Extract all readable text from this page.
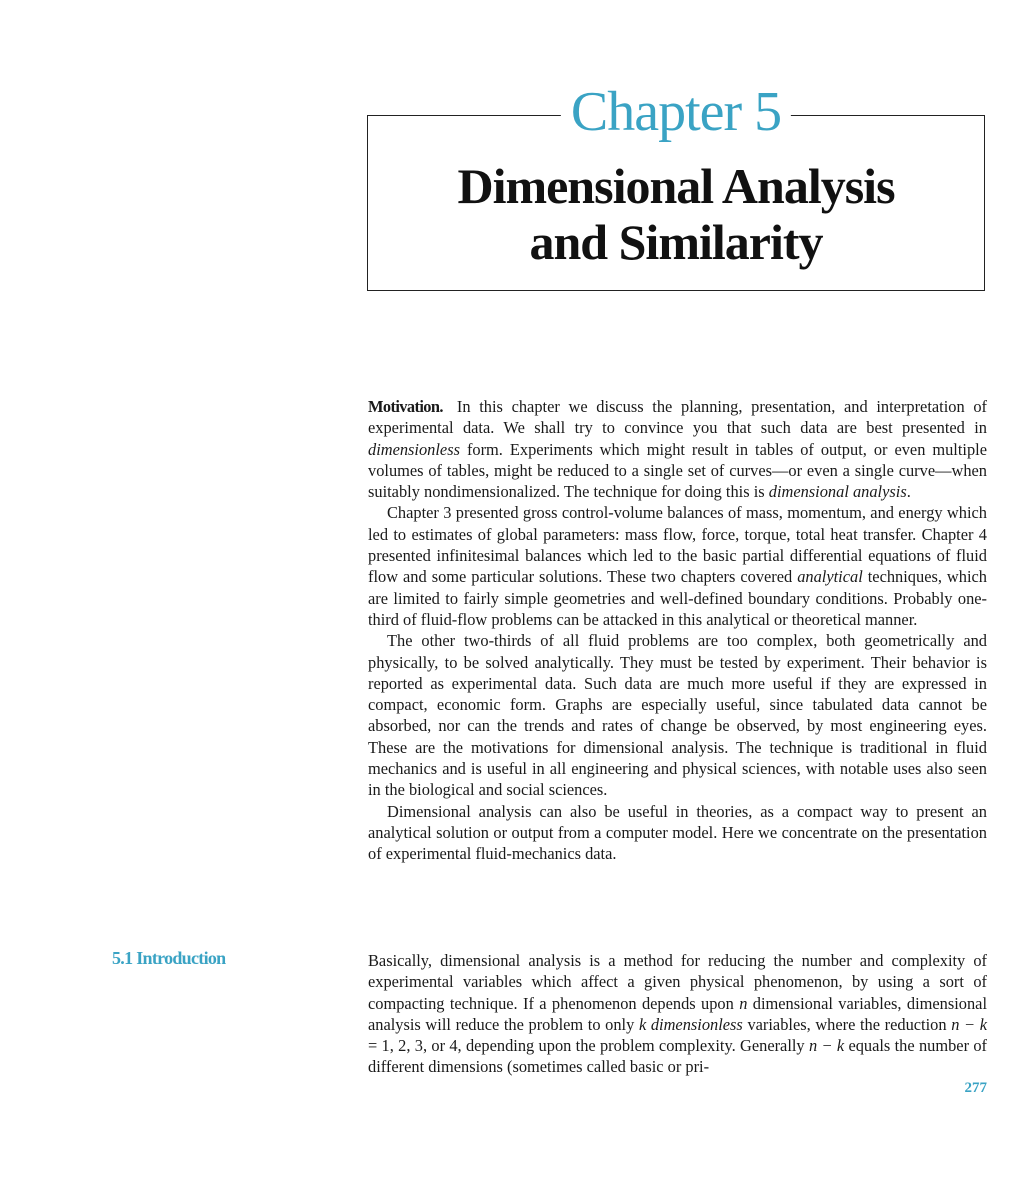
Chapter 5
Dimensional Analysis
and Similarity

Motivation. In this chapter we discuss the planning, presentation, and interpretation of experimental data. We shall try to convince you that such data are best presented in dimensionless form. Experiments which might result in tables of output, or even multiple volumes of tables, might be reduced to a single set of curves—or even a single curve—when suitably nondimensionalized. The technique for doing this is dimensional analysis.

Chapter 3 presented gross control-volume balances of mass, momentum, and energy which led to estimates of global parameters: mass flow, force, torque, total heat transfer. Chapter 4 presented infinitesimal balances which led to the basic partial differential equations of fluid flow and some particular solutions. These two chapters covered analytical techniques, which are limited to fairly simple geometries and well-defined boundary conditions. Probably one-third of fluid-flow problems can be attacked in this analytical or theoretical manner.

The other two-thirds of all fluid problems are too complex, both geometrically and physically, to be solved analytically. They must be tested by experiment. Their behavior is reported as experimental data. Such data are much more useful if they are expressed in compact, economic form. Graphs are especially useful, since tabulated data cannot be absorbed, nor can the trends and rates of change be observed, by most engineering eyes. These are the motivations for dimensional analysis. The technique is traditional in fluid mechanics and is useful in all engineering and physical sciences, with notable uses also seen in the biological and social sciences.

Dimensional analysis can also be useful in theories, as a compact way to present an analytical solution or output from a computer model. Here we concentrate on the presentation of experimental fluid-mechanics data.

5.1 Introduction	Basically, dimensional analysis is a method for reducing the number and complexity of experimental variables which affect a given physical phenomenon, by using a sort of compacting technique. If a phenomenon depends upon n dimensional variables, dimensional analysis will reduce the problem to only k dimensionless variables, where the reduction n − k = 1, 2, 3, or 4, depending upon the problem complexity. Generally n − k equals the number of different dimensions (sometimes called basic or pri-

277
